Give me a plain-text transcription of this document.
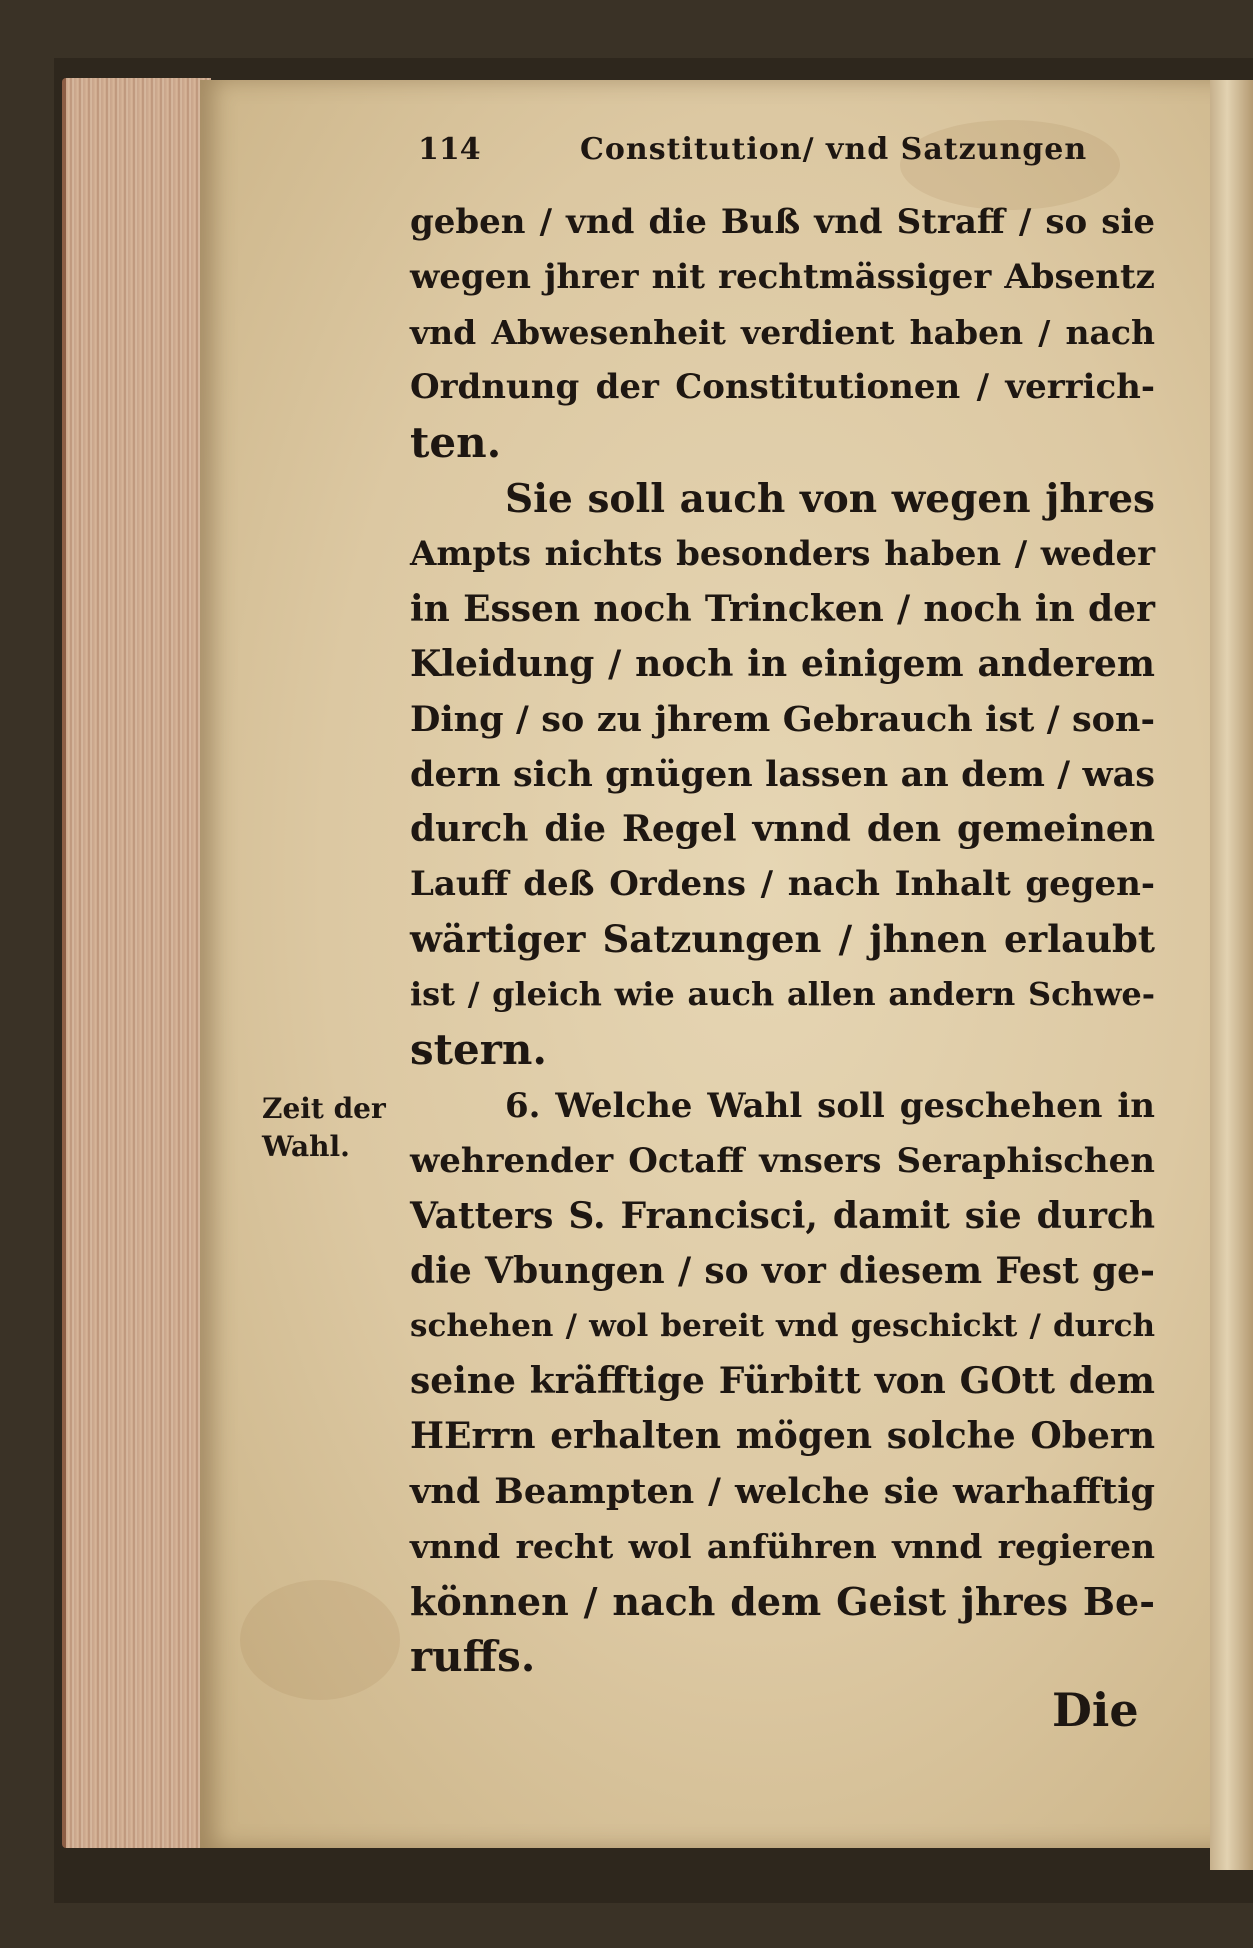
114	Constitution/ vnd Satzungen
geben / vnd die Buß vnd Straff / so sie
wegen jhrer nit rechtmässiger Absentz
vnd Abwesenheit verdient haben / nach
Ordnung der Constitutionen / verrich-
ten.
Sie soll auch von wegen jhres
Ampts nichts besonders haben / weder
in Essen noch Trincken / noch in der
Kleidung / noch in einigem anderem
Ding / so zu jhrem Gebrauch ist / son-
dern sich gnügen lassen an dem / was
durch die Regel vnnd den gemeinen
Lauff deß Ordens / nach Inhalt gegen-
wärtiger Satzungen / jhnen erlaubt
ist / gleich wie auch allen andern Schwe-
stern.
6. Welche Wahl soll geschehen in
wehrender Octaff vnsers Seraphischen
Vatters S. Francisci, damit sie durch
die Vbungen / so vor diesem Fest ge-
schehen / wol bereit vnd geschickt / durch
seine kräfftige Fürbitt von GOtt dem
HErrn erhalten mögen solche Obern
vnd Beampten / welche sie warhafftig
vnnd recht wol anführen vnnd regieren
können / nach dem Geist jhres Be-
ruffs.
Zeit der
Wahl.
Die
